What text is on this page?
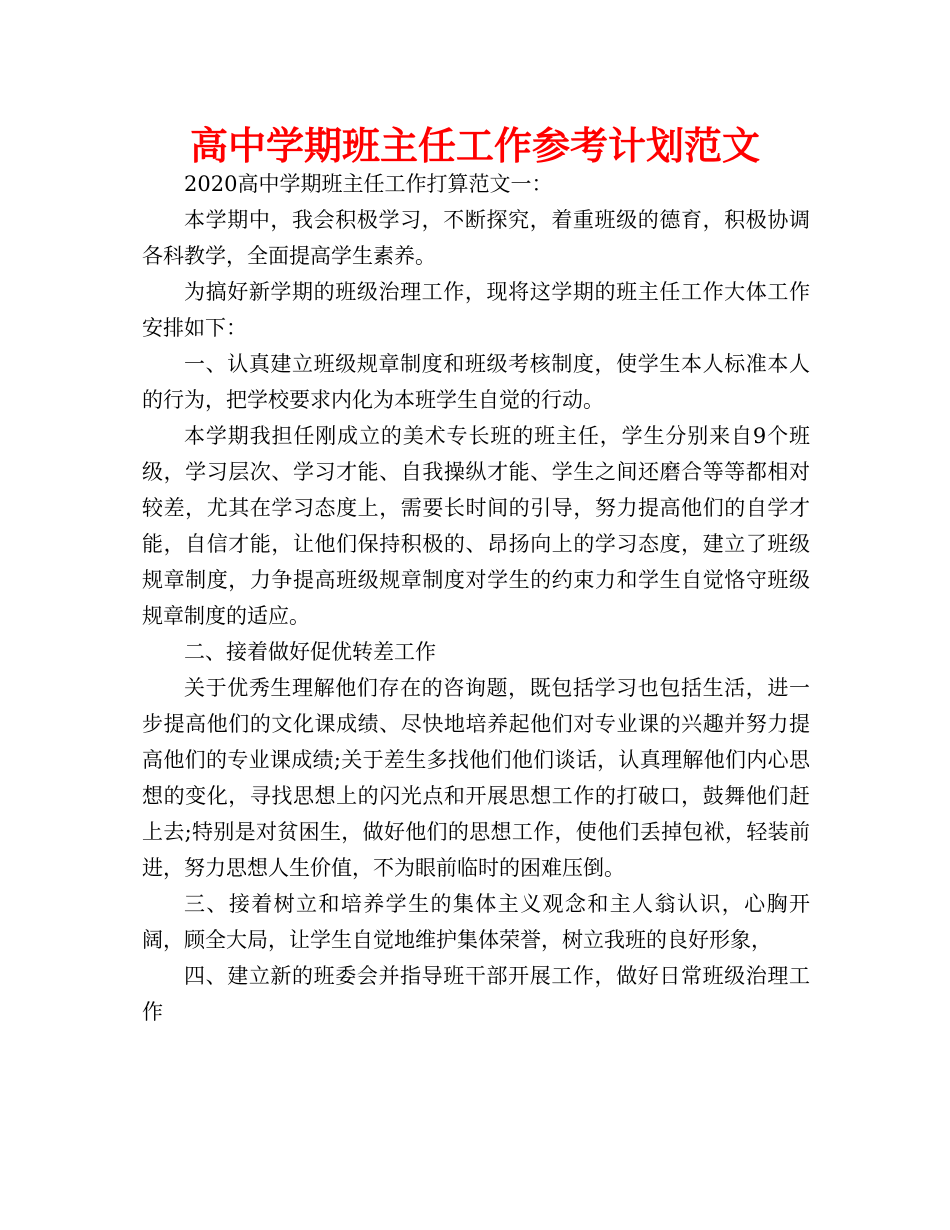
高中学期班主任工作参考计划范文

2020高中学期班主任工作打算范文一：

本学期中，我会积极学习，不断探究，着重班级的德育，积极协调各科教学，全面提高学生素养。

为搞好新学期的班级治理工作，现将这学期的班主任工作大体工作安排如下：

一、认真建立班级规章制度和班级考核制度，使学生本人标准本人的行为，把学校要求内化为本班学生自觉的行动。

本学期我担任刚成立的美术专长班的班主任，学生分别来自9个班级，学习层次、学习才能、自我操纵才能、学生之间还磨合等等都相对较差，尤其在学习态度上，需要长时间的引导，努力提高他们的自学才能，自信才能，让他们保持积极的、昂扬向上的学习态度，建立了班级规章制度，力争提高班级规章制度对学生的约束力和学生自觉恪守班级规章制度的适应。

二、接着做好促优转差工作

关于优秀生理解他们存在的咨询题，既包括学习也包括生活，进一步提高他们的文化课成绩、尽快地培养起他们对专业课的兴趣并努力提高他们的专业课成绩;关于差生多找他们他们谈话，认真理解他们内心思想的变化，寻找思想上的闪光点和开展思想工作的打破口，鼓舞他们赶上去;特别是对贫困生，做好他们的思想工作，使他们丢掉包袱，轻装前进，努力思想人生价值，不为眼前临时的困难压倒。

三、接着树立和培养学生的集体主义观念和主人翁认识，心胸开阔，顾全大局，让学生自觉地维护集体荣誉，树立我班的良好形象，

四、建立新的班委会并指导班干部开展工作，做好日常班级治理工作
